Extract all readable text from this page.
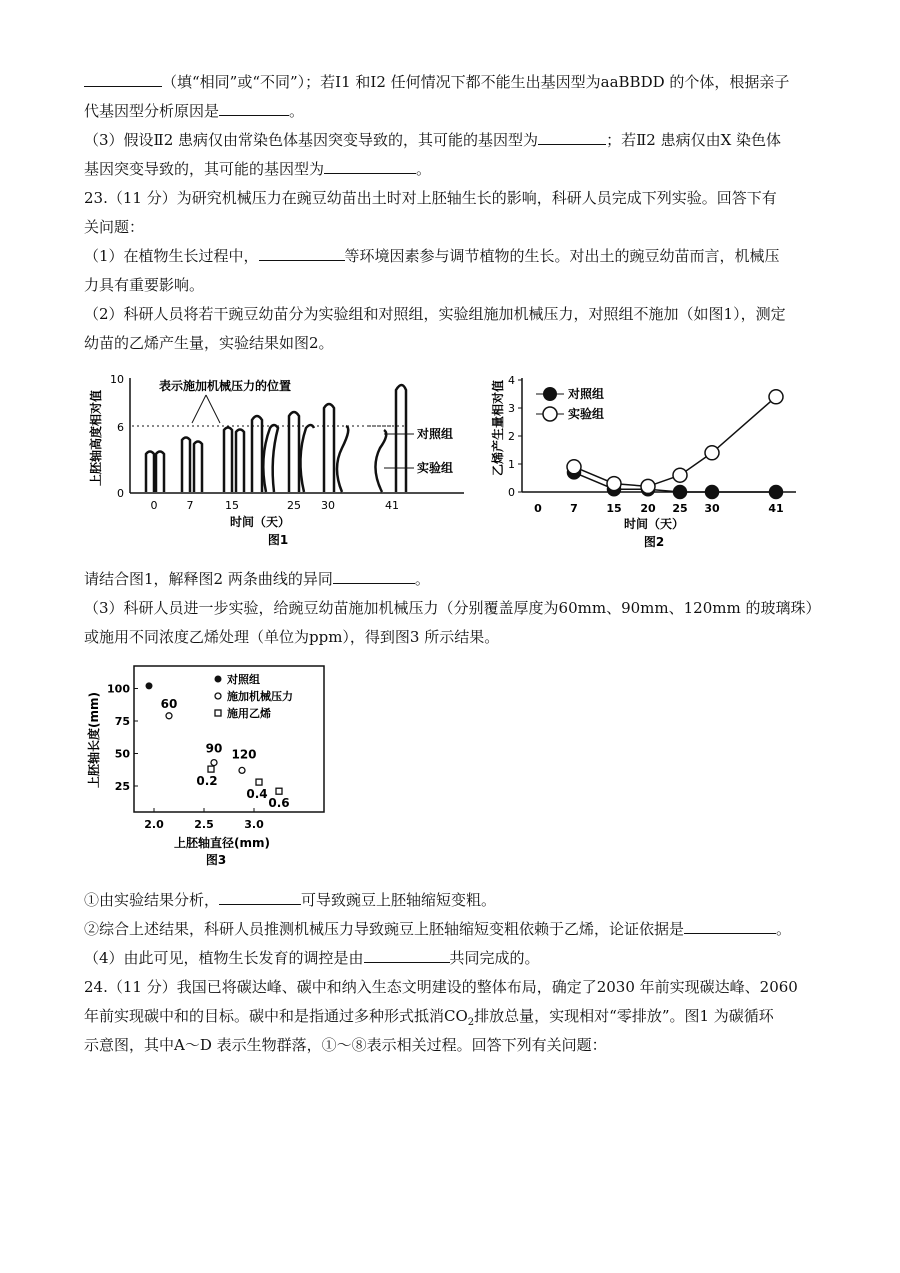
（填“相同”或“不同”）；若I1 和I2 任何情况下都不能生出基因型为aaBBDD 的个体，根据亲子
代基因型分析原因是	。
（3）假设Ⅱ2 患病仅由常染色体基因突变导致的，其可能的基因型为	；若Ⅱ2 患病仅由X 染色体
基因突变导致的，其可能的基因型为	。
23.（11 分）为研究机械压力在豌豆幼苗出土时对上胚轴生长的影响，科研人员完成下列实验。回答下有
关问题：
（1）在植物生长过程中，	等环境因素参与调节植物的生长。对出土的豌豆幼苗而言，机械压
力具有重要影响。
（2）科研人员将若干豌豆幼苗分为实验组和对照组，实验组施加机械压力，对照组不施加（如图1），测定
幼苗的乙烯产生量，实验结果如图2。
上胚轴高度相对值
10
6
0
表示施加机械压力的位置
对照组
实验组
0	7	15	25 30	41
时间（天）
图1
乙烯产生量相对值
0
1
2
3
4
0	7	15 20 25 30	41
对照组
实验组
时间（天）
图2
请结合图1，解释图2 两条曲线的异同	。
（3）科研人员进一步实验，给豌豆幼苗施加机械压力（分别覆盖厚度为60mm、90mm、120mm 的玻璃珠）
或施用不同浓度乙烯处理（单位为ppm），得到图3 所示结果。
上胚轴长度(mm)
100
75
50
25
2.0	2.5	3.0
60
90 120
0.2
0.4
0.6
对照组
施加机械压力
施用乙烯
上胚轴直径(mm)
图3
①由实验结果分析，	可导致豌豆上胚轴缩短变粗。
②综合上述结果，科研人员推测机械压力导致豌豆上胚轴缩短变粗依赖于乙烯，论证依据是	。
（4）由此可见，植物生长发育的调控是由	共同完成的。
24.（11 分）我国已将碳达峰、碳中和纳入生态文明建设的整体布局，确定了2030 年前实现碳达峰、2060
年前实现碳中和的目标。碳中和是指通过多种形式抵消$CO_2$排放总量，实现相对“零排放”。图1 为碳循环
示意图，其中A～D 表示生物群落，①～⑧表示相关过程。回答下列有关问题：
